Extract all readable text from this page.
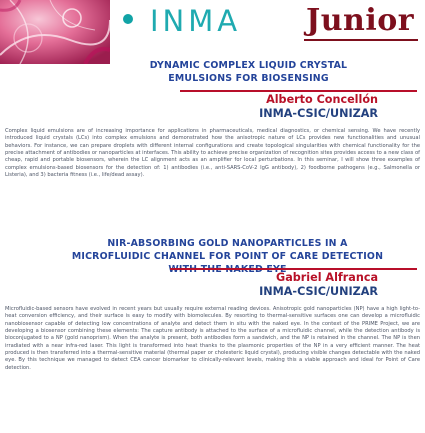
INMA Junior
DYNAMIC COMPLEX LIQUID CRYSTAL EMULSIONS FOR BIOSENSING
Alberto Concellón
INMA-CSIC/UNIZAR
Complex liquid emulsions are of increasing importance for applications in pharmaceuticals, medical diagnostics, or chemical sensing. We have recently introduced liquid crystals (LCs) into complex emulsions and demonstrated how the anisotropic nature of LCs provides new functionalities and unusual behaviors. For instance, we can prepare droplets with different internal configurations and create topological singularities with chemical functionality for the precise attachment of antibodies or nanoparticles at interfaces. This ability to achieve precise organization of recognition sites provides access to a new class of cheap, rapid and portable biosensors, wherein the LC alignment acts as an amplifier for local perturbations. In this seminar, I will show three examples of complex emulsions-based biosensors for the detection of: 1) antibodies (i.e., anti-SARS-CoV-2 IgG antibody), 2) foodborne pathogens (e.g., Salmonella or Listeria), and 3) bacteria fitness (i.e., life/dead assay).
NIR-ABSORBING GOLD NANOPARTICLES IN A MICROFLUIDIC CHANNEL FOR POINT OF CARE DETECTION
Gabriel Alfranca
INMA-CSIC/UNIZAR
Microfluidic-based sensors have evolved in recent years but usually require external reading devices. Anisotropic gold nanoparticles (NP) have a high light-to-heat conversion efficiency, and their surface is easy to modify with biomolecules. By resorting to thermal-sensitive surfaces one can develop a microfluidic nanobiosensor capable of detecting low concentrations of analyte and detect them in situ with the naked eye. In the context of the PRIME Project, we are developing a biosensor combining these elements: The capture antibody is attached to the surface of a microfluidic channel, while the detection antibody is bioconjugated to a NP (gold nanoprism). When the analyte is present, both antibodies form a sandwich, and the NP is retained in the channel. The NP is then irradiated with a near infra-red laser. This light is transformed into heat thanks to the plasmonic properties of the NP in a very efficient manner. The heat produced is then transferred into a thermal-sensitive material (thermal paper or cholesteric liquid crystal), producing visible changes detectable with the naked eye. By this technique we managed to detect CEA cancer biomarker to clinically-relevant levels, making this a viable approach and ideal for Point of Care detection.
